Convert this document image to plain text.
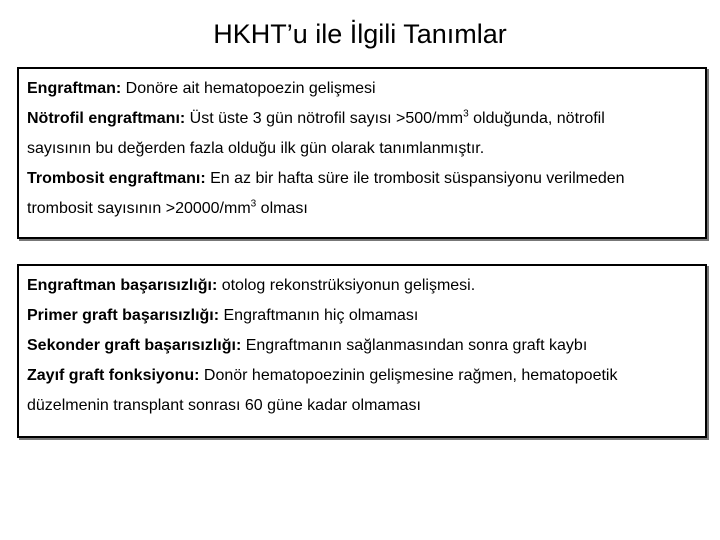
HKHT’u ile İlgili Tanımlar
Engraftman: Donöre ait hematopoezin gelişmesi
Nötrofil engraftmanı: Üst üste 3 gün nötrofil sayısı $>500/mm^3$ olduğunda, nötrofil
sayısının bu değerden fazla olduğu ilk gün olarak tanımlanmıştır.
Trombosit engraftmanı: En az bir hafta süre ile trombosit süspansiyonu verilmeden
trombosit sayısının $>20000/mm^3$ olması
Engraftman başarısızlığı: otolog rekonstrüksiyonun gelişmesi.
Primer graft başarısızlığı: Engraftmanın hiç olmaması
Sekonder graft başarısızlığı: Engraftmanın sağlanmasından sonra graft kaybı
Zayıf graft fonksiyonu: Donör hematopoezinin gelişmesine rağmen, hematopoetik
düzelmenin transplant sonrası 60 güne kadar olmaması
